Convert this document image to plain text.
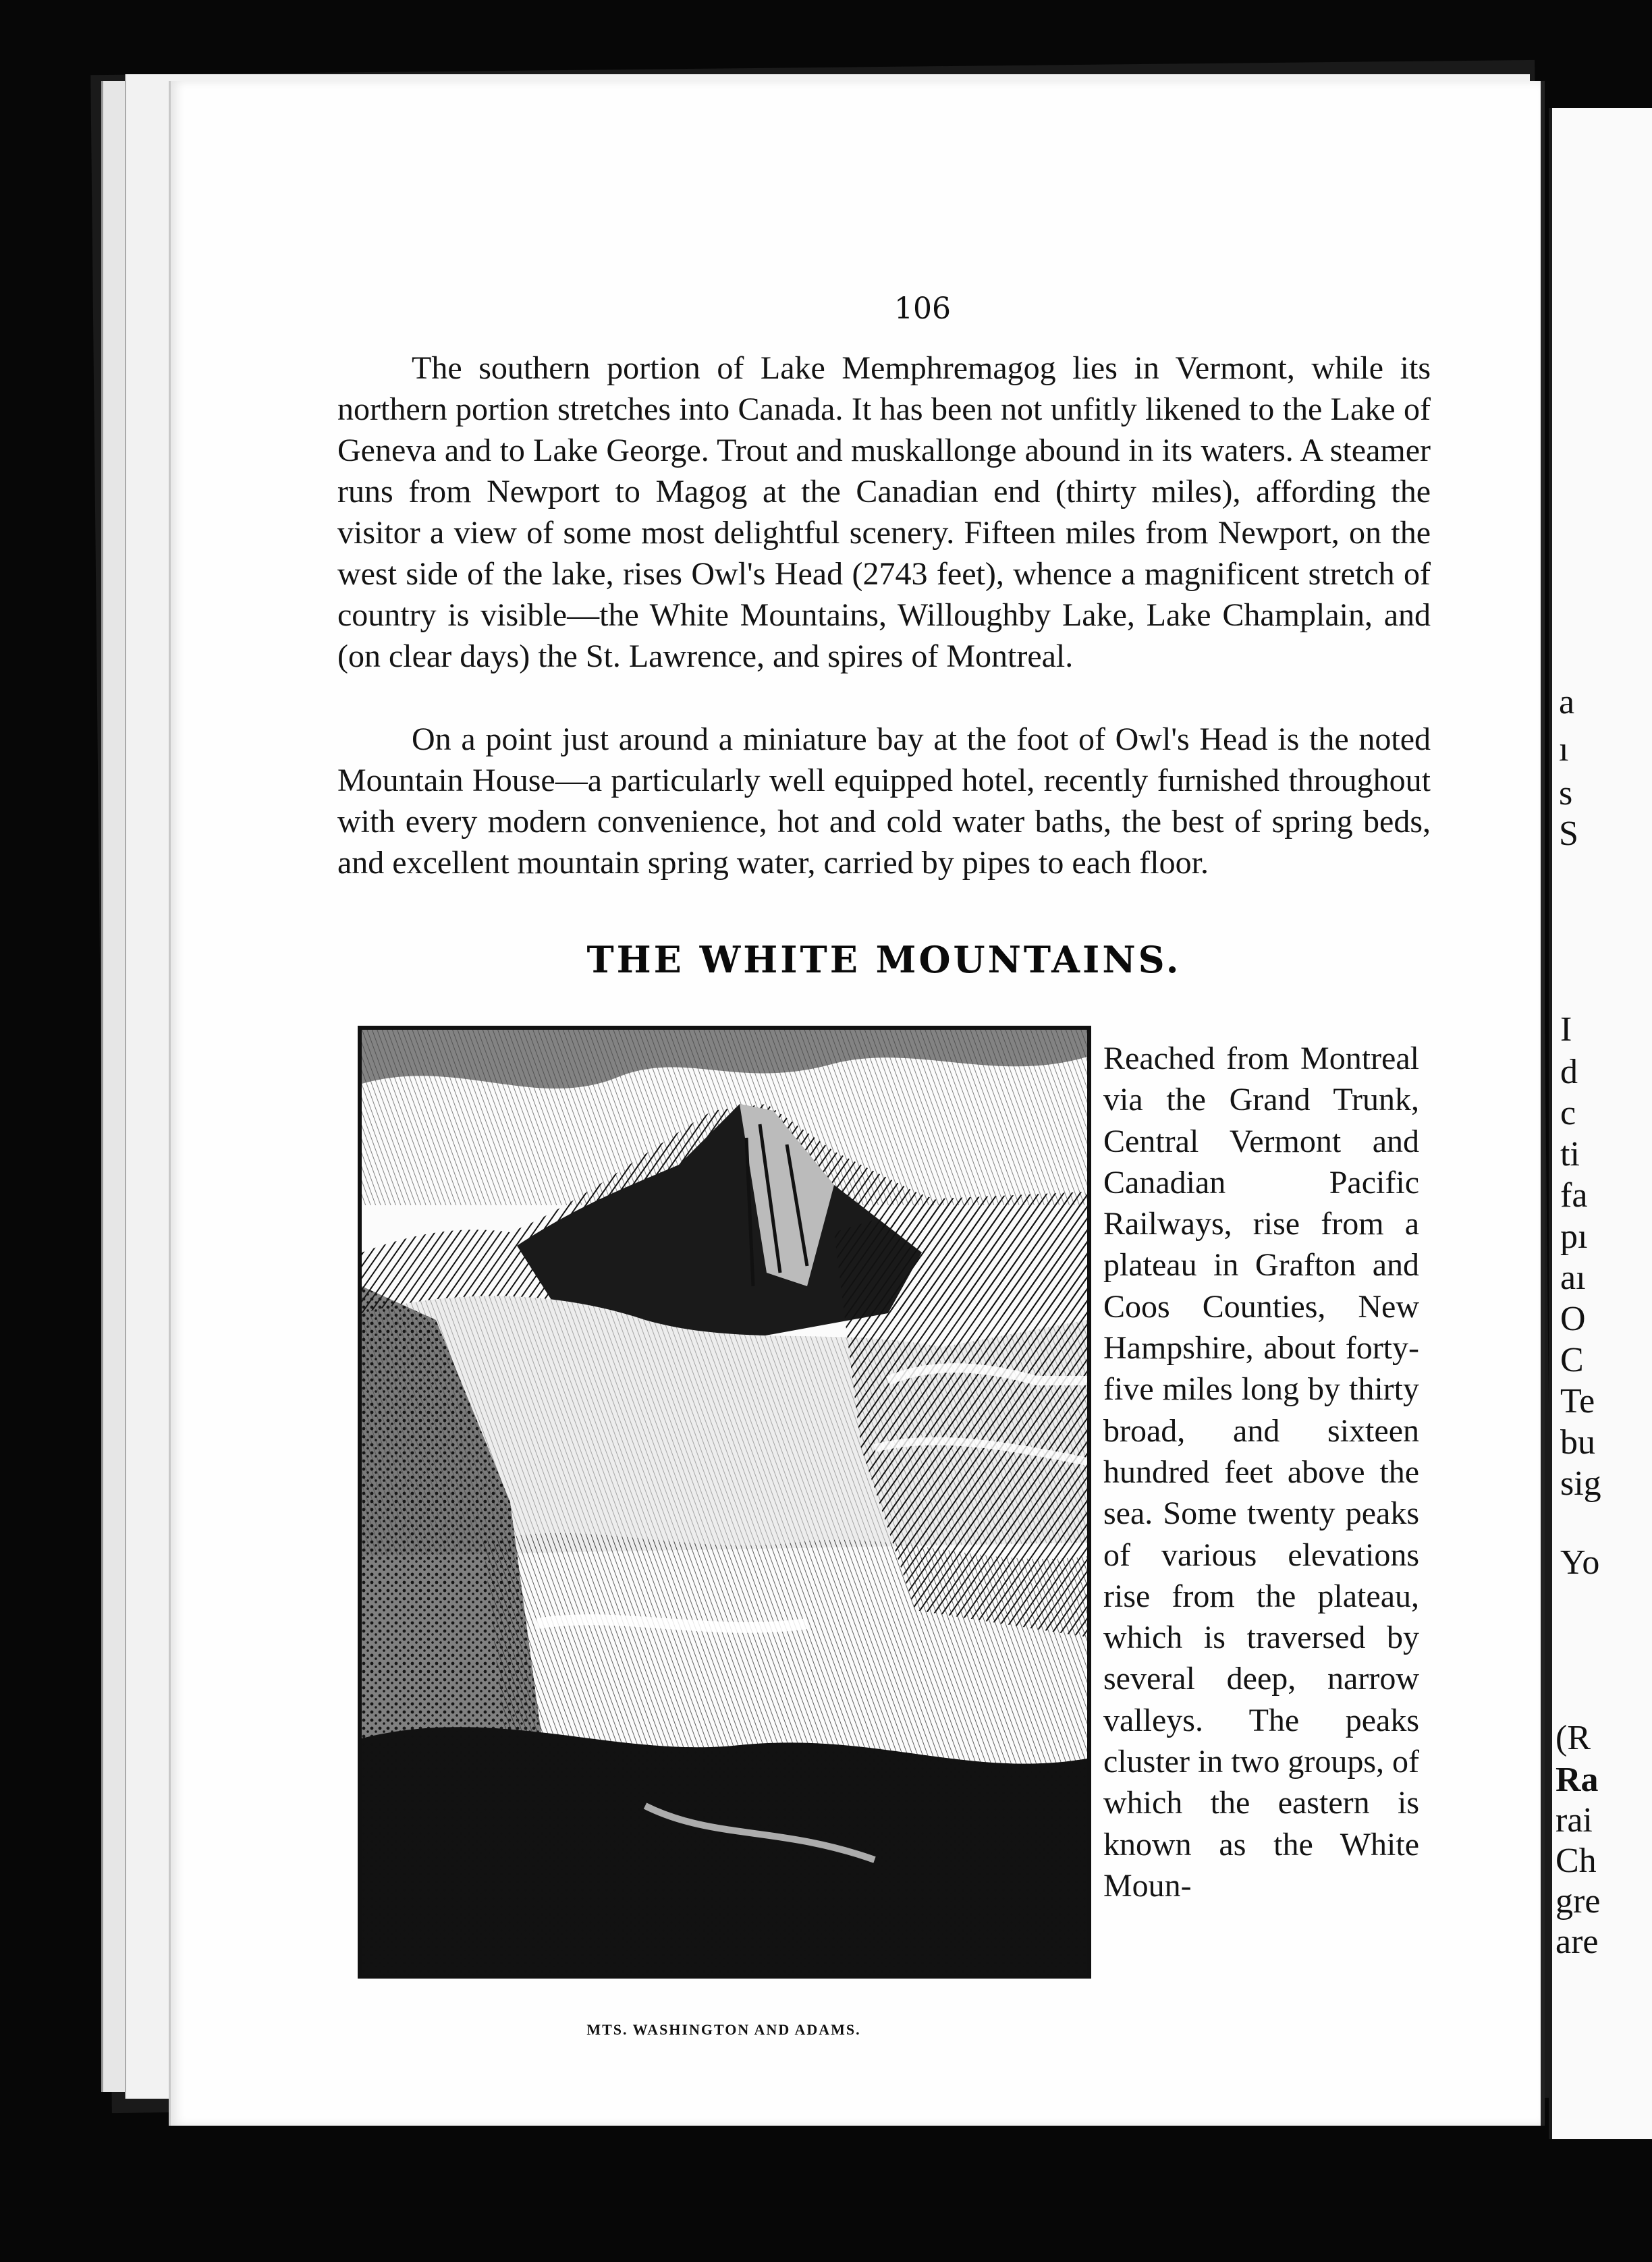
a
ı
s
S
I
d
c
ti
fa
pı
aı
O
C
Te
bu
sig
Yo
(R
Ra
rai
Ch
gre
are
106

The southern portion of Lake Memphremagog lies in Vermont, while its northern portion stretches into Canada. It has been not unfitly likened to the Lake of Geneva and to Lake George. Trout and muskallonge abound in its waters. A steamer runs from Newport to Magog at the Canadian end (thirty miles), affording the visitor a view of some most delightful scenery. Fifteen miles from Newport, on the west side of the lake, rises Owl's Head (2743 feet), whence a magnificent stretch of country is visible—the White Mountains, Willoughby Lake, Lake Champlain, and (on clear days) the St. Lawrence, and spires of Montreal.

On a point just around a miniature bay at the foot of Owl's Head is the noted Mountain House—a particularly well equipped hotel, recently furnished throughout with every modern convenience, hot and cold water baths, the best of spring beds, and excellent mountain spring water, carried by pipes to each floor.

THE WHITE MOUNTAINS.
MTS. WASHINGTON AND ADAMS.

Reached from Montreal via the Grand Trunk, Central Vermont and Canadian Pacific Railways, rise from a plateau in Grafton and Coos Counties, New Hampshire, about forty-five miles long by thirty broad, and sixteen hundred feet above the sea. Some twenty peaks of various elevations rise from the plateau, which is traversed by several deep, narrow valleys. The peaks cluster in two groups, of which the eastern is known as the White Moun-
